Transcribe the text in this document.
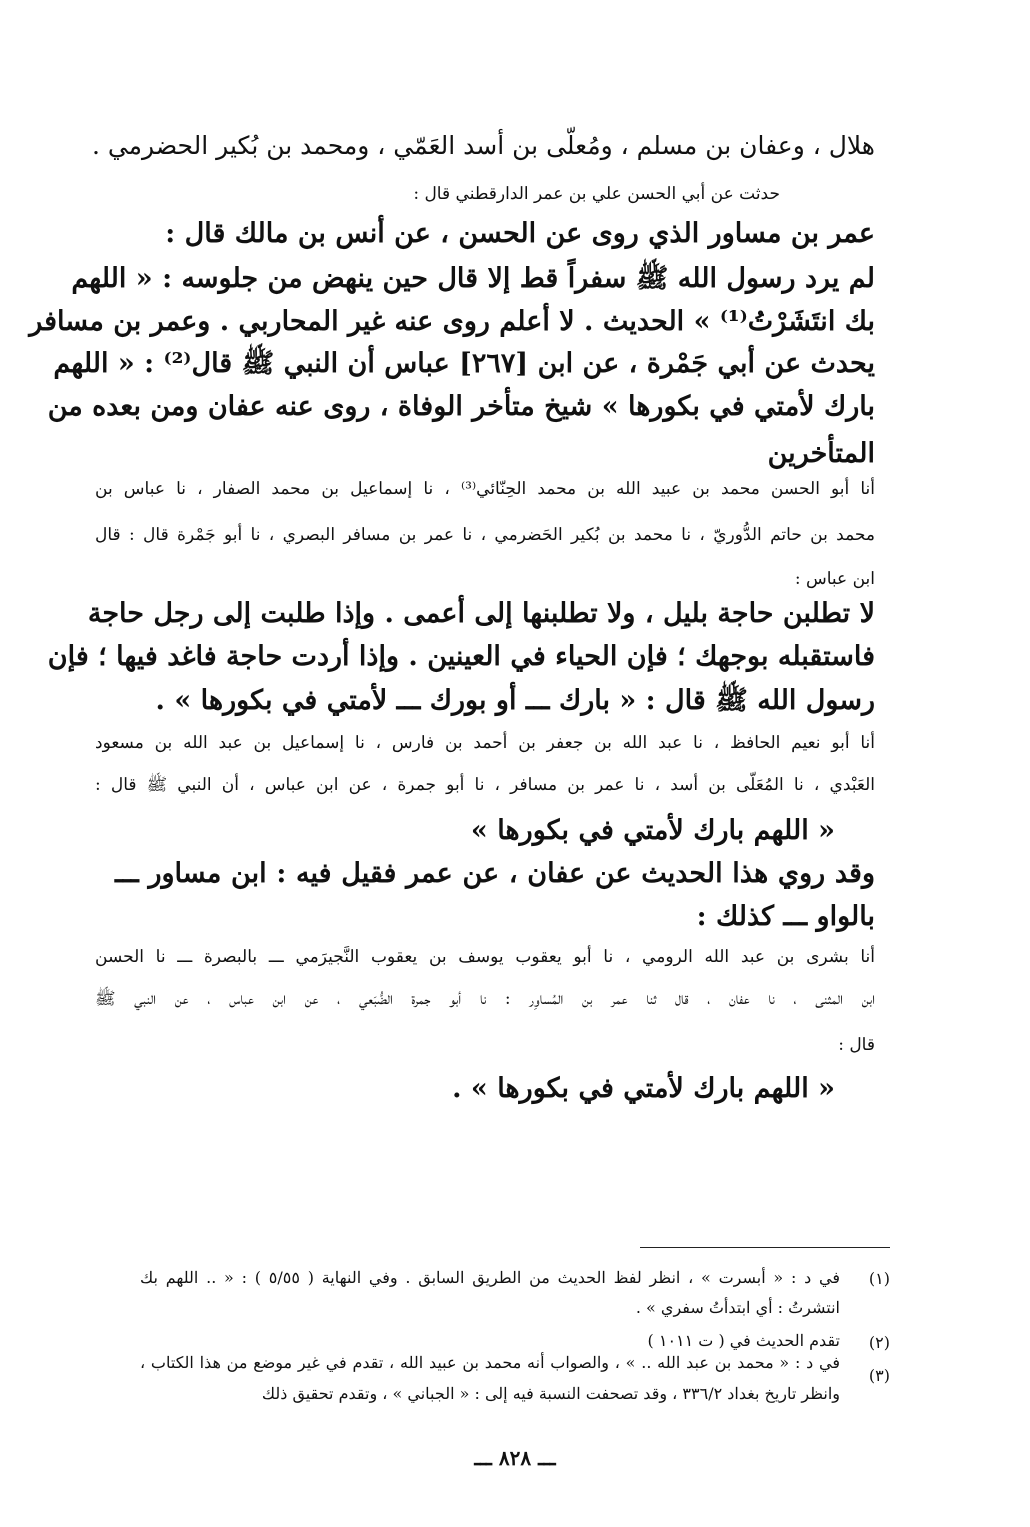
هلال ، وعفان بن مسلم ، ومُعلّى بن أسد العَمّي ، ومحمد بن بُكير الحضرمي .
حدثت عن أبي الحسن علي بن عمر الدارقطني قال :
عمر بن مساور الذي روى عن الحسن ، عن أنس بن مالك قال :
لم يرد رسول الله ﷺ سفراً قط إلا قال حين ينهض من جلوسه : « اللهم
بك انتَشَرْتُ⁽¹⁾ » الحديث . لا أعلم روى عنه غير المحاربي . وعمر بن مسافر
يحدث عن أبي جَمْرة ، عن ابن [٢٦٧] عباس أن النبي ﷺ قال⁽²⁾ : « اللهم
بارك لأمتي في بكورها » شيخ متأخر الوفاة ، روى عنه عفان ومن بعده من
المتأخرين
أنا أبو الحسن محمد بن عبيد الله بن محمد الحِنّائي⁽³⁾ ، نا إسماعيل بن محمد الصفار ، نا عباس بن
محمد بن حاتم الدُّوريّ ، نا محمد بن بُكير الحَضرمي ، نا عمر بن مسافر البصري ، نا أبو جَمْرة قال : قال
ابن عباس :
لا تطلبن حاجة بليل ، ولا تطلبنها إلى أعمى . وإذا طلبت إلى رجل حاجة
فاستقبله بوجهك ؛ فإن الحياء في العينين . وإذا أردت حاجة فاغد فيها ؛ فإن
رسول الله ﷺ قال : « بارك ـــ أو بورك ـــ لأمتي في بكورها » .
أنا أبو نعيم الحافظ ، نا عبد الله بن جعفر بن أحمد بن فارس ، نا إسماعيل بن عبد الله بن مسعود
العَبْدي ، نا المُعَلّى بن أسد ، نا عمر بن مسافر ، نا أبو جمرة ، عن ابن عباس ، أن النبي ﷺ قال :
« اللهم بارك لأمتي في بكورها »
وقد روي هذا الحديث عن عفان ، عن عمر فقيل فيه : ابن مساور ـــ
بالواو ـــ كذلك :
أنا بشرى بن عبد الله الرومي ، نا أبو يعقوب يوسف بن يعقوب النَّجيرَمي ـــ بالبصرة ـــ نا الحسن
ابن المثنى ، نا عفان ، قال ثنا عمر بن المُساوِر : نا أبو جمرة الضُّبَعي ، عن ابن عباس ، عن النبي ﷺ
قال :
« اللهم بارك لأمتي في بكورها » .
(١)
في د : « أبسرت » ، انظر لفظ الحديث من الطريق السابق . وفي النهاية ( ٥/٥٥ ) : « .. اللهم بك
انتشرتُ : أي ابتدأتُ سفري » .
(٢)
تقدم الحديث في ( ت ١٠١١ )
(٣)
في د : « محمد بن عبد الله .. » ، والصواب أنه محمد بن عبيد الله ، تقدم في غير موضع من هذا الكتاب ،
وانظر تاريخ بغداد ٣٣٦/٢ ، وقد تصحفت النسبة فيه إلى : « الجباني » ، وتقدم تحقيق ذلك
ـــ ٨٢٨ ـــ
